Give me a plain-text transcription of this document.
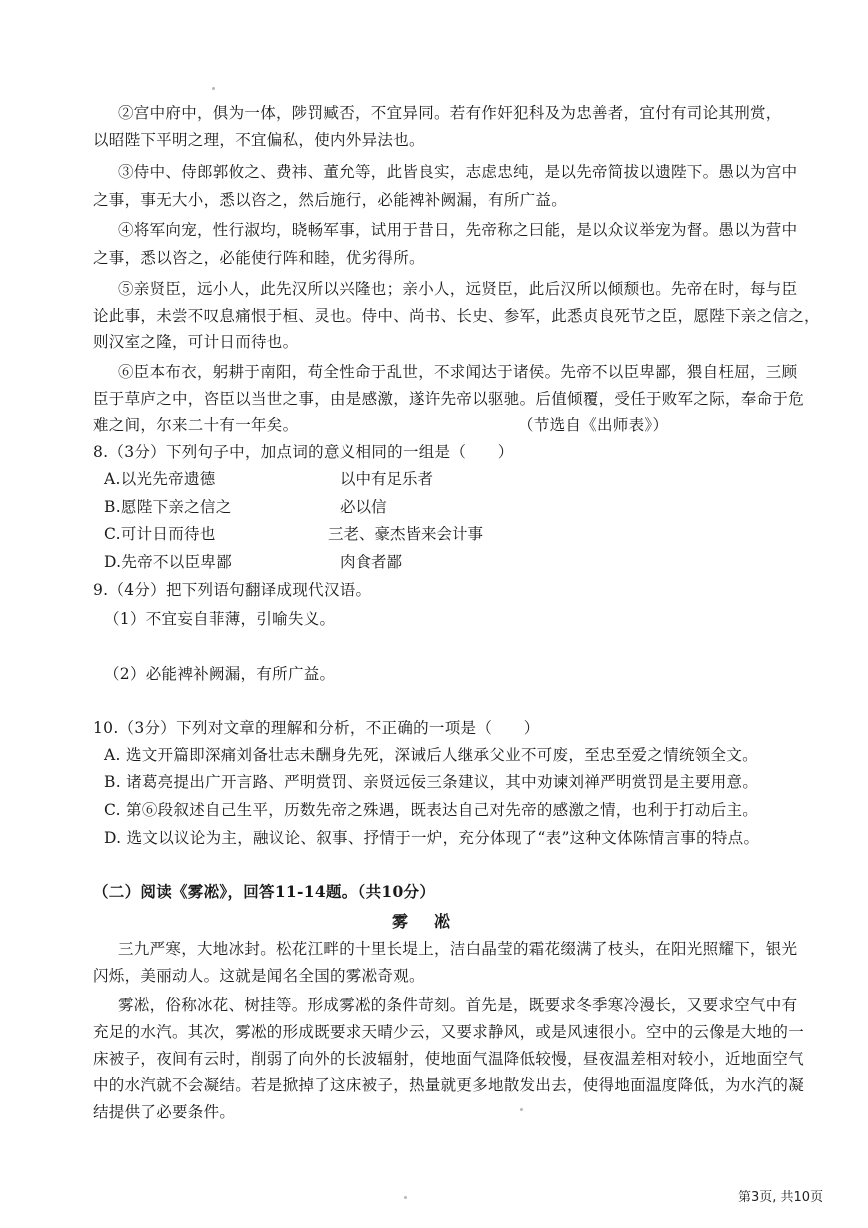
②宫中府中，俱为一体，陟罚臧否，不宜异同。若有作奸犯科及为忠善者，宜付有司论其刑赏，
以昭陛下平明之理，不宜偏私，使内外异法也。
③侍中、侍郎郭攸之、费祎、董允等，此皆良实，志虑忠纯，是以先帝简拔以遗陛下。愚以为宫中
之事，事无大小，悉以咨之，然后施行，必能裨补阙漏，有所广益。
④将军向宠，性行淑均，晓畅军事，试用于昔日，先帝称之曰能，是以众议举宠为督。愚以为营中
之事，悉以咨之，必能使行阵和睦，优劣得所。
⑤亲贤臣，远小人，此先汉所以兴隆也；亲小人，远贤臣，此后汉所以倾颓也。先帝在时，每与臣
论此事，未尝不叹息痛恨于桓、灵也。侍中、尚书、长史、参军，此悉贞良死节之臣，愿陛下亲之信之，
则汉室之隆，可计日而待也。
⑥臣本布衣，躬耕于南阳，苟全性命于乱世，不求闻达于诸侯。先帝不以臣卑鄙，猥自枉屈，三顾
臣于草庐之中，咨臣以当世之事，由是感激，遂许先帝以驱驰。后值倾覆，受任于败军之际，奉命于危
难之间，尔来二十有一年矣。	（节选自《出师表》）
8.（3分）下列句子中，加点词的意义相同的一组是（　　）
A.以光先帝遗德	以中有足乐者
B.愿陛下亲之信之	必以信
C.可计日而待也	三老、豪杰皆来会计事
D.先帝不以臣卑鄙	肉食者鄙
9.（4分）把下列语句翻译成现代汉语。
（1）不宜妄自菲薄，引喻失义。
（2）必能裨补阙漏，有所广益。
10.（3分）下列对文章的理解和分析，不正确的一项是（　　）
A. 选文开篇即深痛刘备壮志未酬身先死，深诫后人继承父业不可废，至忠至爱之情统领全文。
B. 诸葛亮提出广开言路、严明赏罚、亲贤远佞三条建议，其中劝谏刘禅严明赏罚是主要用意。
C. 第⑥段叙述自己生平，历数先帝之殊遇，既表达自己对先帝的感激之情，也利于打动后主。
D. 选文以议论为主，融议论、叙事、抒情于一炉，充分体现了“表”这种文体陈情言事的特点。
（二）阅读《雾凇》，回答11-14题。（共10分）
雾凇
三九严寒，大地冰封。松花江畔的十里长堤上，洁白晶莹的霜花缀满了枝头，在阳光照耀下，银光
闪烁，美丽动人。这就是闻名全国的雾凇奇观。
雾凇，俗称冰花、树挂等。形成雾凇的条件苛刻。首先是，既要求冬季寒冷漫长，又要求空气中有
充足的水汽。其次，雾凇的形成既要求天晴少云，又要求静风，或是风速很小。空中的云像是大地的一
床被子，夜间有云时，削弱了向外的长波辐射，使地面气温降低较慢，昼夜温差相对较小，近地面空气
中的水汽就不会凝结。若是掀掉了这床被子，热量就更多地散发出去，使得地面温度降低，为水汽的凝
结提供了必要条件。
第3页, 共10页
